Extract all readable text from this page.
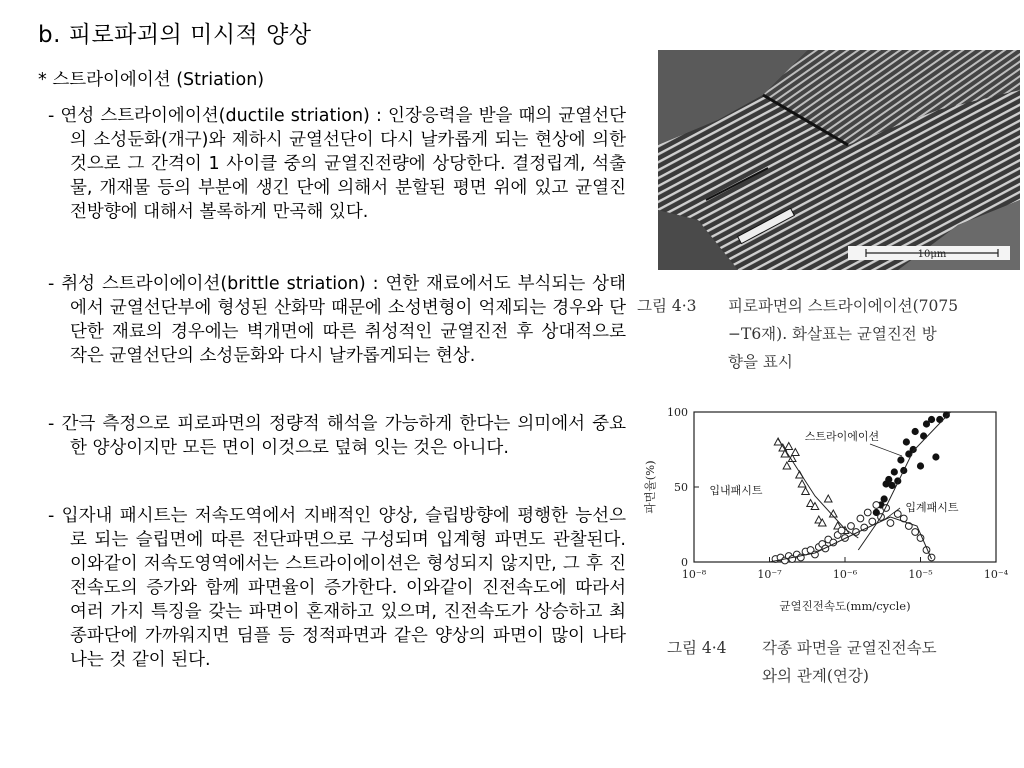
b. 피로파괴의 미시적 양상
* 스트라이에이션 (Striation)

- 연성 스트라이에이션(ductile striation) : 인장응력을 받을 때의 균열선단의 소성둔화(개구)와 제하시 균열선단이 다시 날카롭게 되는 현상에 의한 것으로 그 간격이 1 사이클 중의 균열진전량에 상당한다. 결정립계, 석출물, 개재물 등의 부분에 생긴 단에 의해서 분할된 평면 위에 있고 균열진전방향에 대해서 볼록하게 만곡해 있다.

- 취성 스트라이에이션(brittle striation) : 연한 재료에서도 부식되는 상태에서 균열선단부에 형성된 산화막 때문에 소성변형이 억제되는 경우와 단단한 재료의 경우에는 벽개면에 따른 취성적인 균열진전 후 상대적으로 작은 균열선단의 소성둔화와 다시 날카롭게되는 현상.

- 간극 측정으로 피로파면의 정량적 해석을 가능하게 한다는 의미에서 중요한 양상이지만 모든 면이 이것으로 덮혀 잇는 것은 아니다.

- 입자내 패시트는 저속도역에서 지배적인 양상, 슬립방향에 평행한 능선으로 되는 슬립면에 따른 전단파면으로 구성되며 입계형 파면도 관찰된다. 이와같이 저속도영역에서는 스트라이에이션은 형성되지 않지만, 그 후 진전속도의 증가와 함께 파면율이 증가한다. 이와같이 진전속도에 따라서 여러 가지 특징을 갖는 파면이 혼재하고 있으며, 진전속도가 상승하고 최종파단에 가까워지면 딤플 등 정적파면과 같은 양상의 파면이 많이 나타나는 것 같이 된다.

10μm
그림 4·3 피로파면의 스트라이에이션(7075
−T6재). 화살표는 균열진전 방
향을 표시
10⁻⁸	10⁻⁷	10⁻⁶	10⁻⁵	10⁻⁴
0
50
100
균열진전속도(mm/cycle)
파면율(%)
스트라이에이션
입내패시트
입계패시트
그림 4·4 각종 파면을 균열진전속도
와의 관계(연강)
